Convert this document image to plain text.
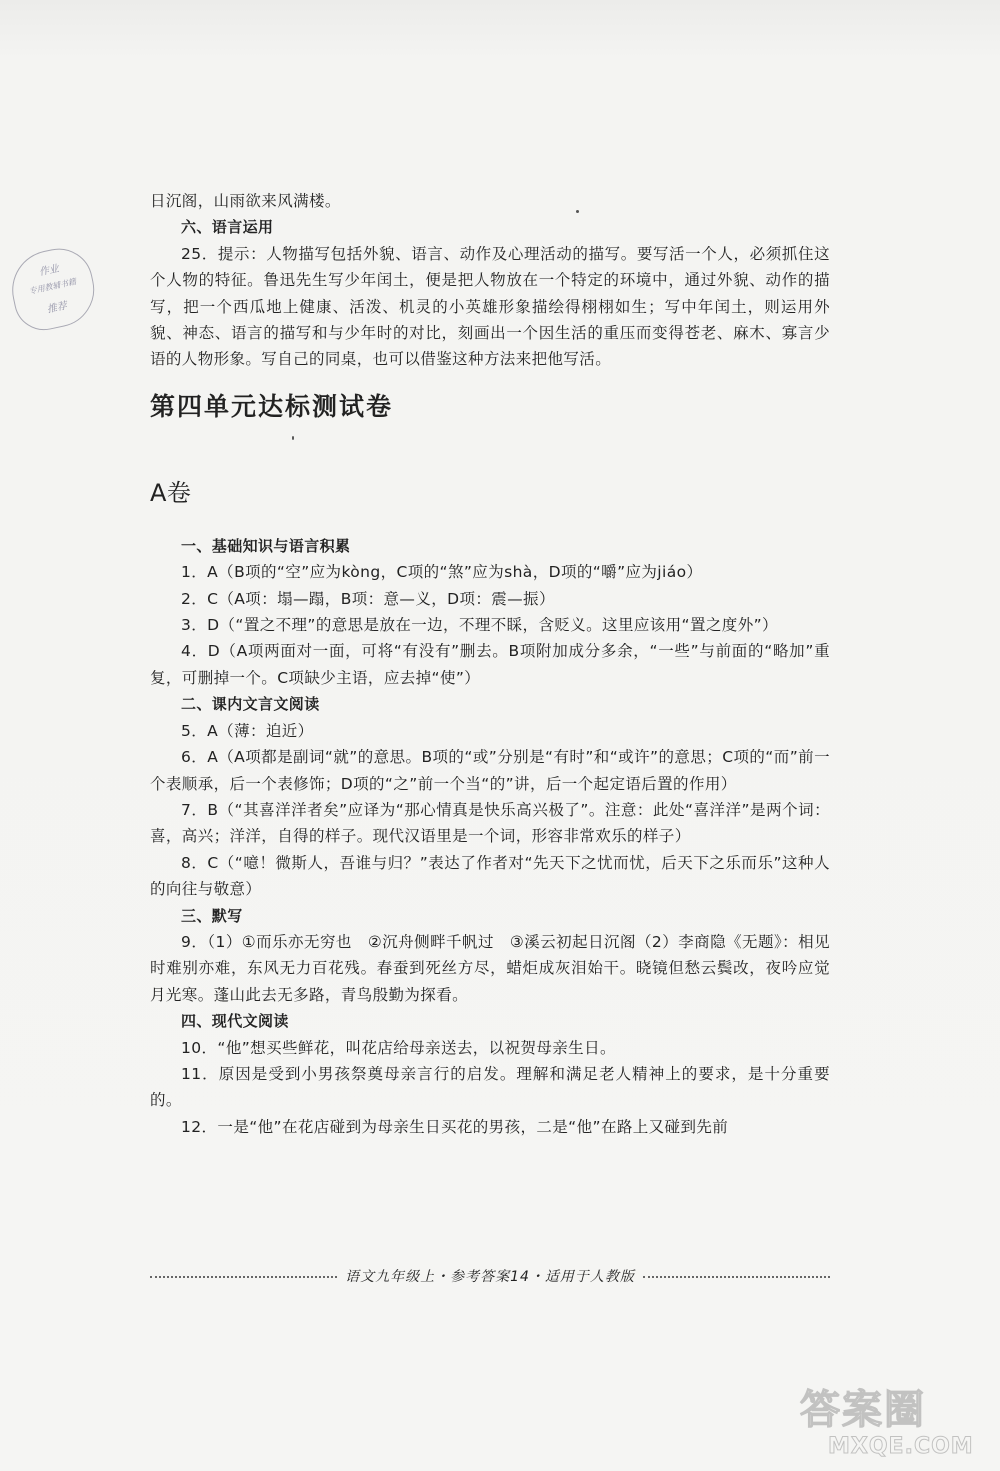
作业
专用教辅书籍
推荐

日沉阁，山雨欲来风满楼。

六、语言运用

25．提示：人物描写包括外貌、语言、动作及心理活动的描写。要写活一个人，必须抓住这个人物的特征。鲁迅先生写少年闰土，便是把人物放在一个特定的环境中，通过外貌、动作的描写，把一个西瓜地上健康、活泼、机灵的小英雄形象描绘得栩栩如生；写中年闰土，则运用外貌、神态、语言的描写和与少年时的对比，刻画出一个因生活的重压而变得苍老、麻木、寡言少语的人物形象。写自己的同桌，也可以借鉴这种方法来把他写活。

第四单元达标测试卷

A卷

一、基础知识与语言积累

1．A（B项的“空”应为kòng，C项的“煞”应为shà，D项的“嚼”应为jiáo）

2．C（A项：塌—蹋，B项：意—义，D项：震—振）

3．D（“置之不理”的意思是放在一边，不理不睬，含贬义。这里应该用“置之度外”）

4．D（A项两面对一面，可将“有没有”删去。B项附加成分多余，“一些”与前面的“略加”重复，可删掉一个。C项缺少主语，应去掉“使”）

二、课内文言文阅读

5．A（薄：迫近）

6．A（A项都是副词“就”的意思。B项的“或”分别是“有时”和“或许”的意思；C项的“而”前一个表顺承，后一个表修饰；D项的“之”前一个当“的”讲，后一个起定语后置的作用）

7．B（“其喜洋洋者矣”应译为“那心情真是快乐高兴极了”。注意：此处“喜洋洋”是两个词：喜，高兴；洋洋，自得的样子。现代汉语里是一个词，形容非常欢乐的样子）

8．C（“噫！微斯人，吾谁与归？”表达了作者对“先天下之忧而忧，后天下之乐而乐”这种人的向往与敬意）

三、默写

9．（1）①而乐亦无穷也　②沉舟侧畔千帆过　③溪云初起日沉阁（2）李商隐《无题》：相见时难别亦难，东风无力百花残。春蚕到死丝方尽，蜡炬成灰泪始干。晓镜但愁云鬓改，夜吟应觉月光寒。蓬山此去无多路，青鸟殷勤为探看。

四、现代文阅读

10．“他”想买些鲜花，叫花店给母亲送去，以祝贺母亲生日。

11．原因是受到小男孩祭奠母亲言行的启发。理解和满足老人精神上的要求，是十分重要的。

12．一是“他”在花店碰到为母亲生日买花的男孩，二是“他”在路上又碰到先前

语文九年级上・参考答案14・适用于人教版
答案圈
MXQE.COM
